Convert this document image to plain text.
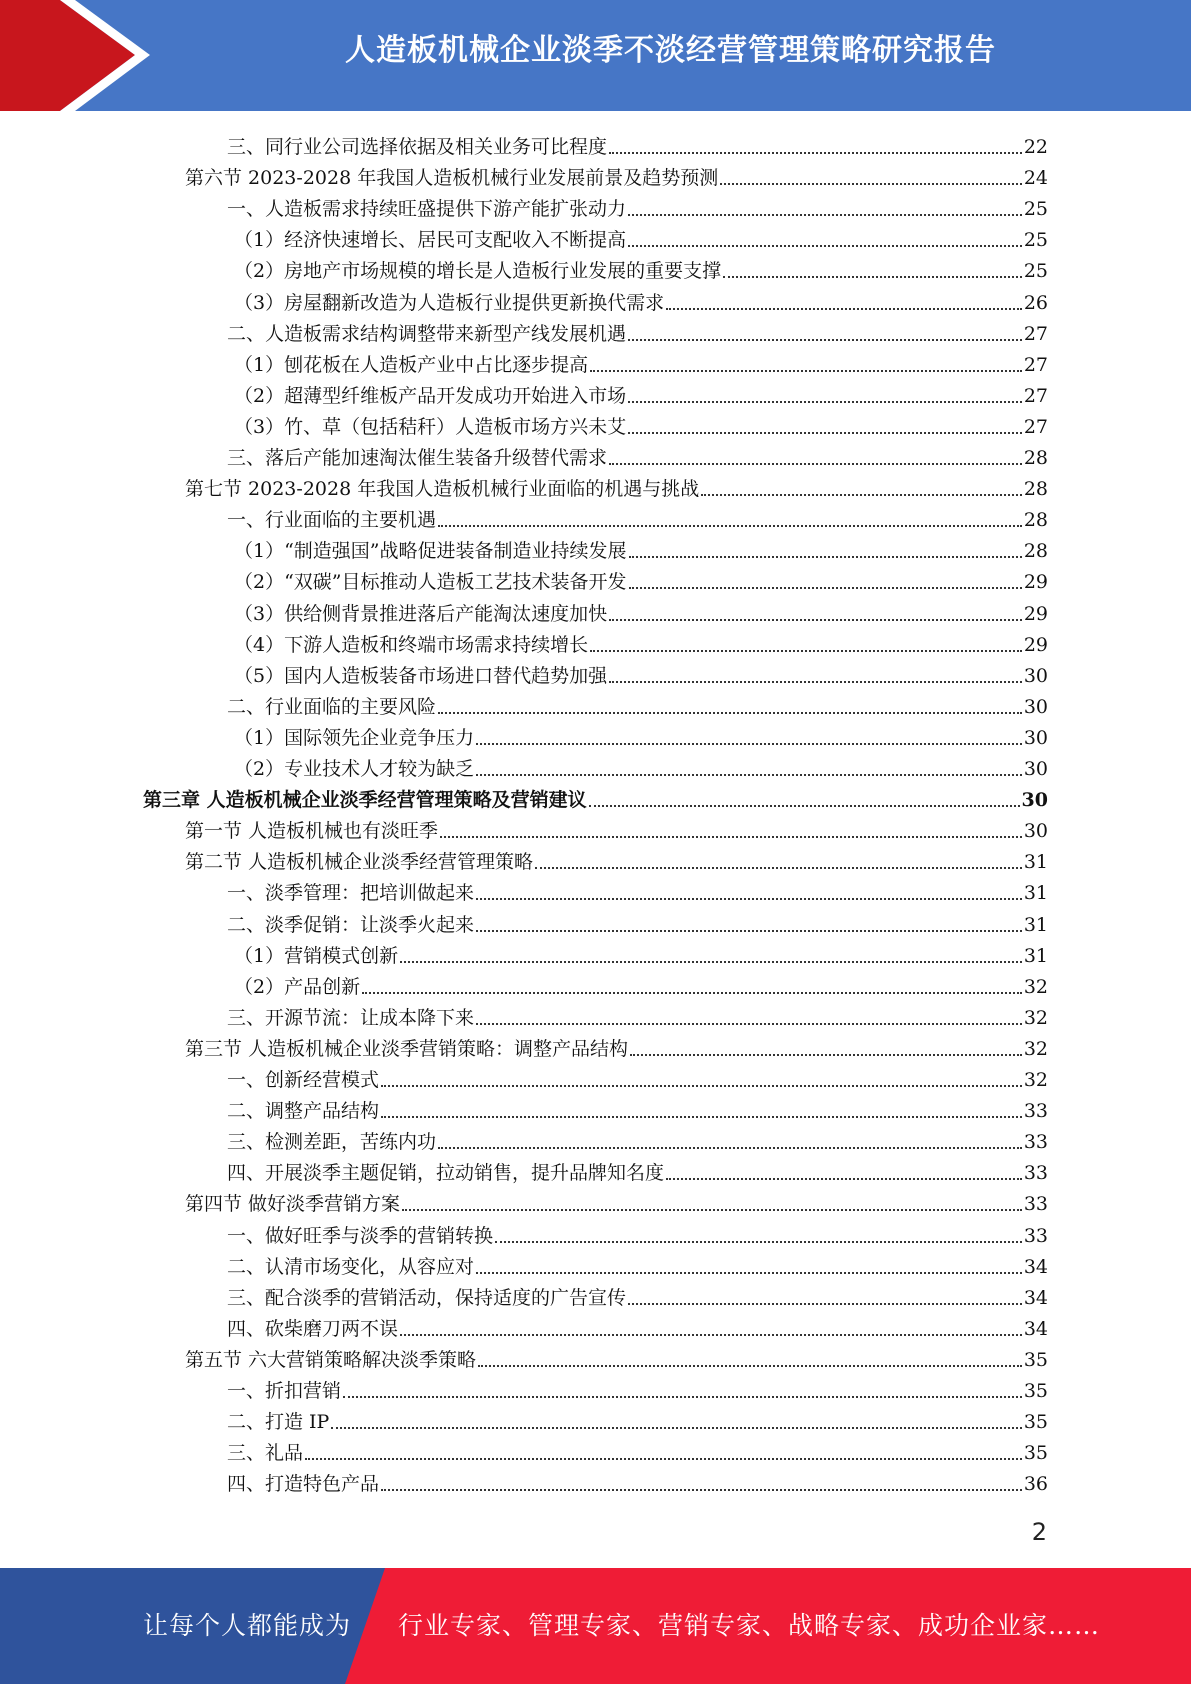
人造板机械企业淡季不淡经营管理策略研究报告
三、同行业公司选择依据及相关业务可比程度	22
第六节 2023-2028 年我国人造板机械行业发展前景及趋势预测	24
一、人造板需求持续旺盛提供下游产能扩张动力	25
（1）经济快速增长、居民可支配收入不断提高	25
（2）房地产市场规模的增长是人造板行业发展的重要支撑	25
（3）房屋翻新改造为人造板行业提供更新换代需求	26
二、人造板需求结构调整带来新型产线发展机遇	27
（1）刨花板在人造板产业中占比逐步提高	27
（2）超薄型纤维板产品开发成功开始进入市场	27
（3）竹、草（包括秸秆）人造板市场方兴未艾	27
三、落后产能加速淘汰催生装备升级替代需求	28
第七节 2023-2028 年我国人造板机械行业面临的机遇与挑战	28
一、行业面临的主要机遇	28
（1）“制造强国”战略促进装备制造业持续发展	28
（2）“双碳”目标推动人造板工艺技术装备开发	29
（3）供给侧背景推进落后产能淘汰速度加快	29
（4）下游人造板和终端市场需求持续增长	29
（5）国内人造板装备市场进口替代趋势加强	30
二、行业面临的主要风险	30
（1）国际领先企业竞争压力	30
（2）专业技术人才较为缺乏	30
第三章 人造板机械企业淡季经营管理策略及营销建议	30
第一节 人造板机械也有淡旺季	30
第二节 人造板机械企业淡季经营管理策略	31
一、淡季管理：把培训做起来	31
二、淡季促销：让淡季火起来	31
（1）营销模式创新	31
（2）产品创新	32
三、开源节流：让成本降下来	32
第三节 人造板机械企业淡季营销策略：调整产品结构	32
一、创新经营模式	32
二、调整产品结构	33
三、检测差距，苦练内功	33
四、开展淡季主题促销，拉动销售，提升品牌知名度	33
第四节 做好淡季营销方案	33
一、做好旺季与淡季的营销转换	33
二、认清市场变化，从容应对	34
三、配合淡季的营销活动，保持适度的广告宣传	34
四、砍柴磨刀两不误	34
第五节 六大营销策略解决淡季策略	35
一、折扣营销	35
二、打造 IP	35
三、礼品	35
四、打造特色产品	36
2
让每个人都能成为 行业专家、管理专家、营销专家、战略专家、成功企业家……
